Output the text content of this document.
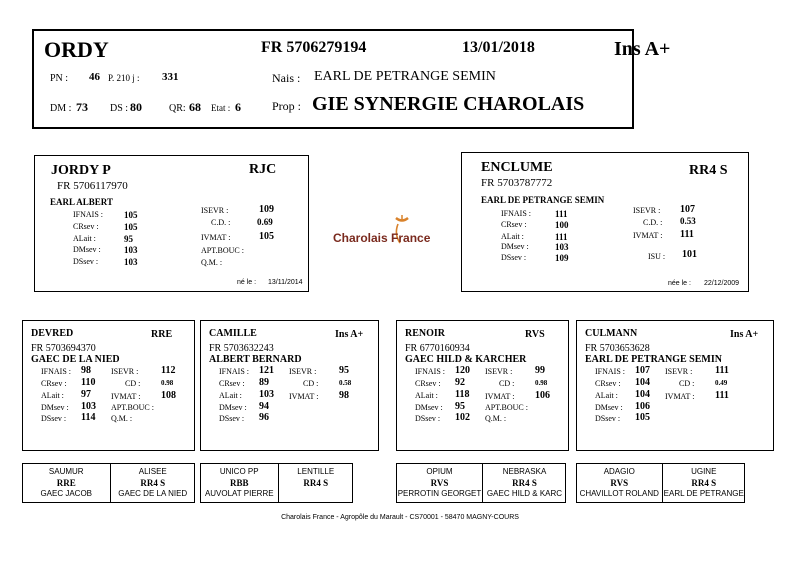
ORDY	FR 5706279194	13/01/2018	Ins A+
PN : 46 P. 210 j : 331	Nais : EARL DE PETRANGE SEMIN
DM : 73 DS : 80	QR: 68 Etat : 6	Prop : GIE SYNERGIE CHAROLAIS
JORDY P	RJC
FR 5706117970
EARL ALBERT
IFNAIS : 105
CRsev :	105
ALait :	95
DMsev :	103
DSsev :	103
ISEVR :	109
C.D. :	0.69
IVMAT :	105
APT.BOUC :
Q.M. :
né le : 13/11/2014
Charolais France
ENCLUME	RR4 S
FR 5703787772
EARL DE PETRANGE SEMIN
IFNAIS :	111
CRsev :	100
ALait :	111
DMsev :	103
DSsev :	109
ISEVR : 107
C.D. : 0.53
IVMAT : 111
ISU : 101
née le : 22/12/2009
DEVRED	RRE
FR 5703694370
GAEC DE LA NIED
IFNAIS : 98
CRsev : 110
ALait : 97
DMsev : 103
DSsev : 114
ISEVR : 112
CD :	0.98
IVMAT : 108
APT.BOUC :
Q.M. :
CAMILLE	Ins A+
FR 5703632243
ALBERT BERNARD
IFNAIS : 121
CRsev : 89
ALait : 103
DMsev : 94
DSsev : 96
ISEVR : 95
CD :	0.58
IVMAT : 98
RENOIR	RVS
FR 6770160934
GAEC HILD & KARCHER
IFNAIS : 120
CRsev : 92
ALait : 118
DMsev : 95
DSsev : 102
ISEVR : 99
CD :	0.98
IVMAT : 106
APT.BOUC :
Q.M. :
CULMANN	Ins A+
FR 5703653628
EARL DE PETRANGE SEMIN
IFNAIS : 107
CRsev : 104
ALait : 104
DMsev : 106
DSsev : 105
ISEVR : 111
CD :	0.49
IVMAT : 111
SAUMUR
RRE
GAEC JACOB
ALISEE
RR4 S
GAEC DE LA NIED
UNICO PP
RBB
AUVOLAT PIERRE
LENTILLE
RR4 S
OPIUM
RVS
PERROTIN GEORGET
NEBRASKA
RR4 S
GAEC HILD & KARC
ADAGIO
RVS
CHAVILLOT ROLAND
UGINE
RR4 S
EARL DE PETRANGE
Charolais France - Agropôle du Marault - CS70001 - 58470 MAGNY-COURS
